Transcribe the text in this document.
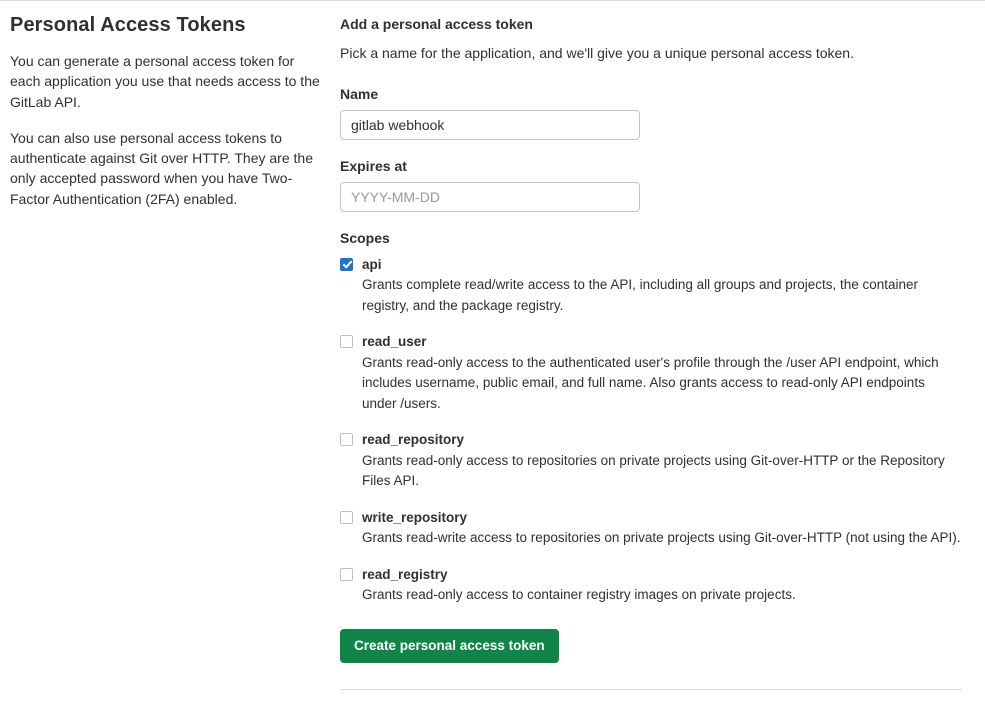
Personal Access Tokens

You can generate a personal access token for each application you use that needs access to the GitLab API.

You can also use personal access tokens to authenticate against Git over HTTP. They are the only accepted password when you have Two-Factor Authentication (2FA) enabled.

Add a personal access token
Pick a name for the application, and we'll give you a unique personal access token.
Name
gitlab webhook
Expires at
YYYY-MM-DD
Scopes
api
Grants complete read/write access to the API, including all groups and projects, the container registry, and the package registry.
read_user
Grants read-only access to the authenticated user's profile through the /user API endpoint, which includes username, public email, and full name. Also grants access to read-only API endpoints under /users.
read_repository
Grants read-only access to repositories on private projects using Git-over-HTTP or the Repository Files API.
write_repository
Grants read-write access to repositories on private projects using Git-over-HTTP (not using the API).
read_registry
Grants read-only access to container registry images on private projects.
Create personal access token
